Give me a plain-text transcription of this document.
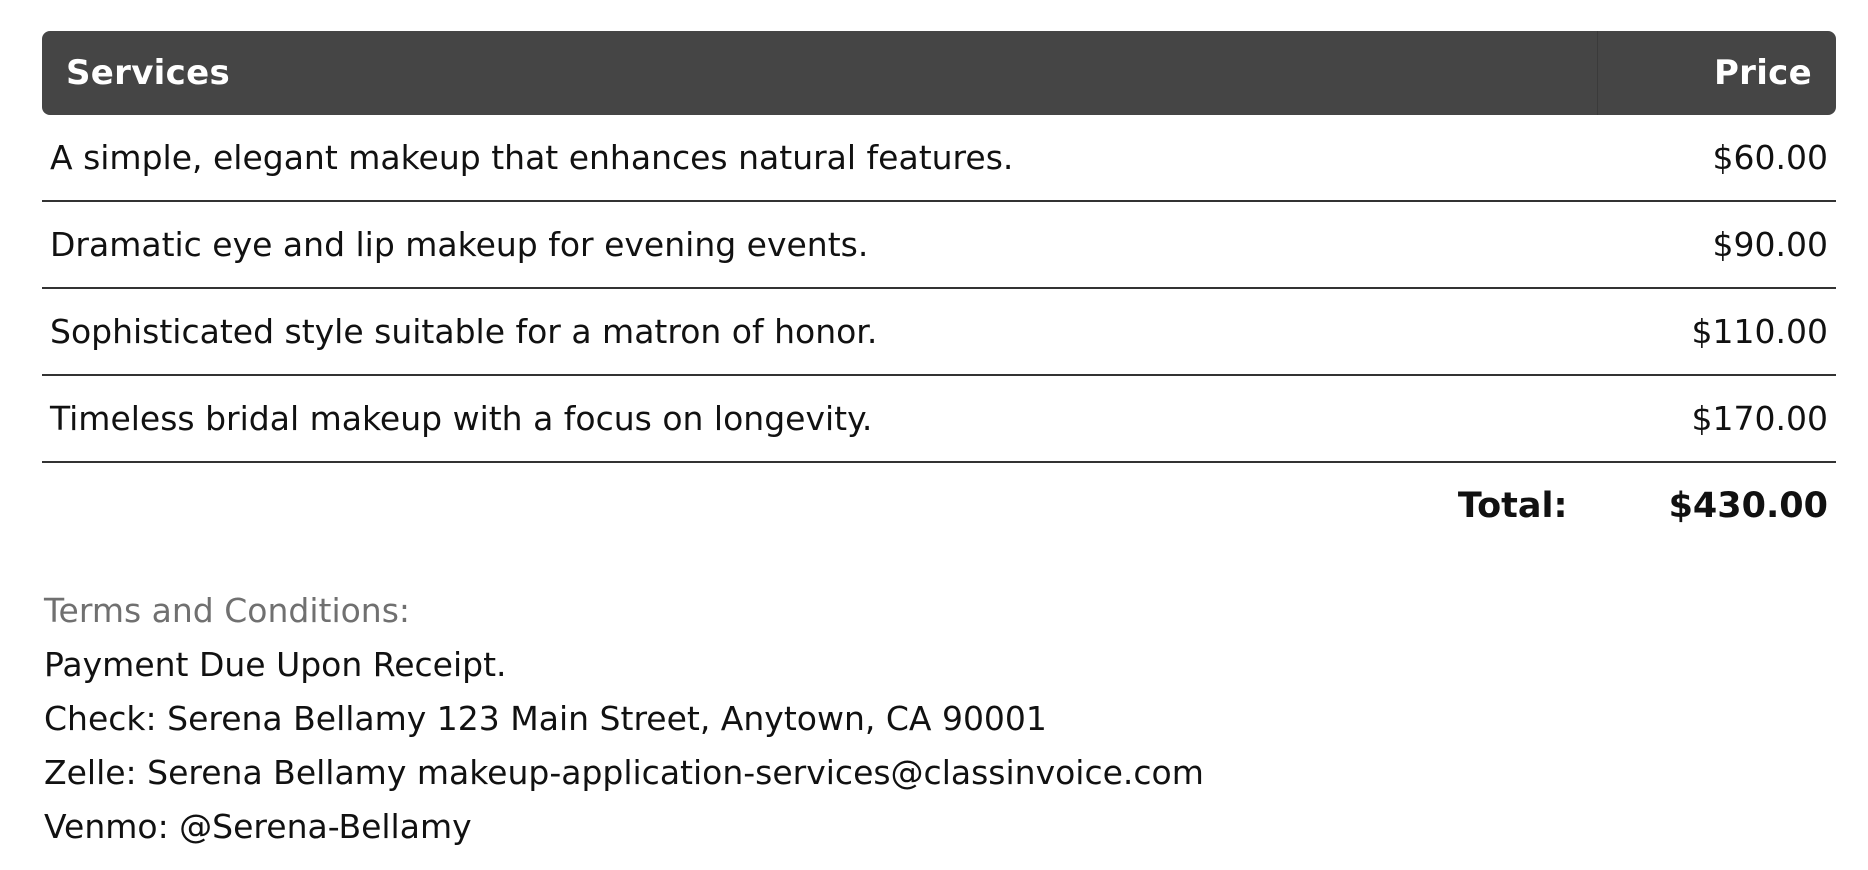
Services	Price
A simple, elegant makeup that enhances natural features.	$60.00
Dramatic eye and lip makeup for evening events.	$90.00
Sophisticated style suitable for a matron of honor.	$110.00
Timeless bridal makeup with a focus on longevity.	$170.00
Total:	$430.00
Terms and Conditions:
Payment Due Upon Receipt.
Check: Serena Bellamy 123 Main Street, Anytown, CA 90001
Zelle: Serena Bellamy makeup-application-services@classinvoice.com
Venmo: @Serena-Bellamy
